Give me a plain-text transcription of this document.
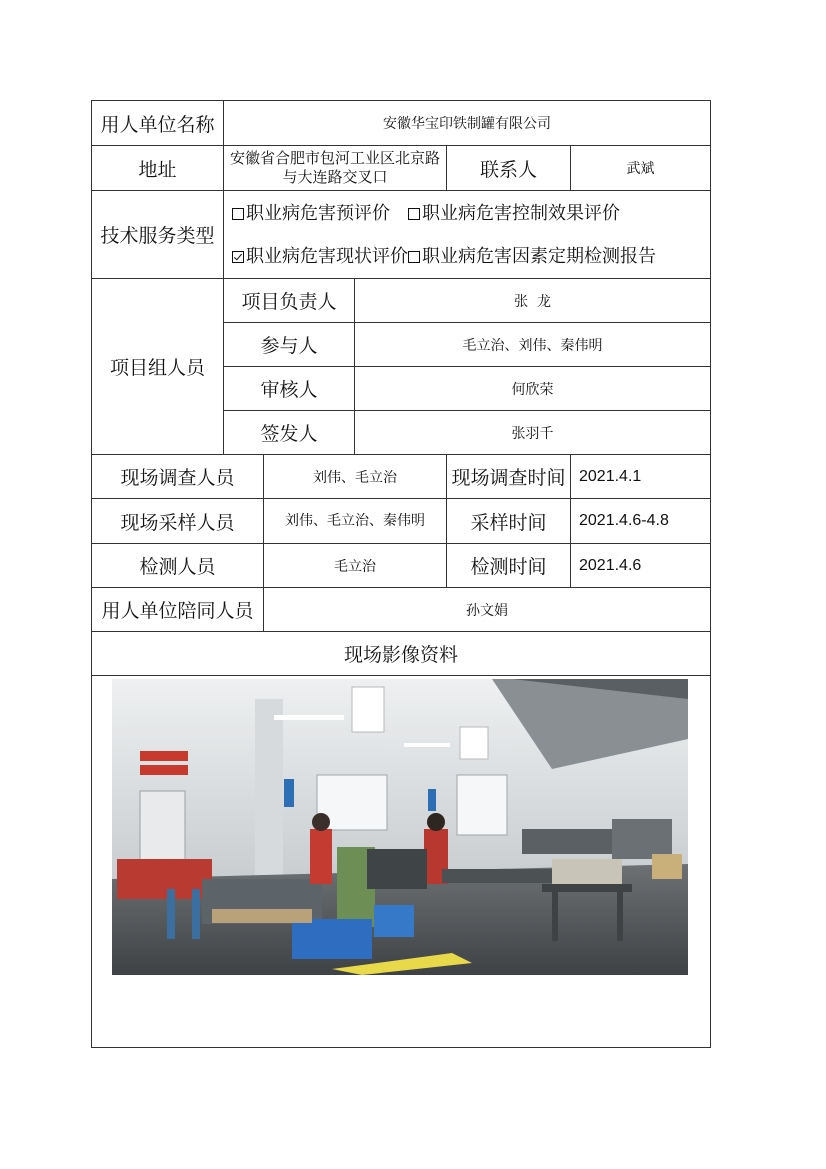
用人单位名称	安徽华宝印铁制罐有限公司				
地址	安徽省合肥市包河工业区北京路与大连路交叉口			联系人	武斌
技术服务类型	职业病危害预评价 职业病危害控制效果评价
职业病危害现状评价 职业病危害因素定期检测报告				

项目组人员	项目负责人		张  龙		
	参与人		毛立治、刘伟、秦伟明		
	审核人		何欣荣		
	签发人		张羽千		
现场调查人员		刘伟、毛立治		现场调查时间	2021.4.1
现场采样人员		刘伟、毛立治、秦伟明		采样时间	2021.4.6-4.8
检测人员		毛立治		检测时间	2021.4.6
用人单位陪同人员		孙文娟			
现场影像资料					
